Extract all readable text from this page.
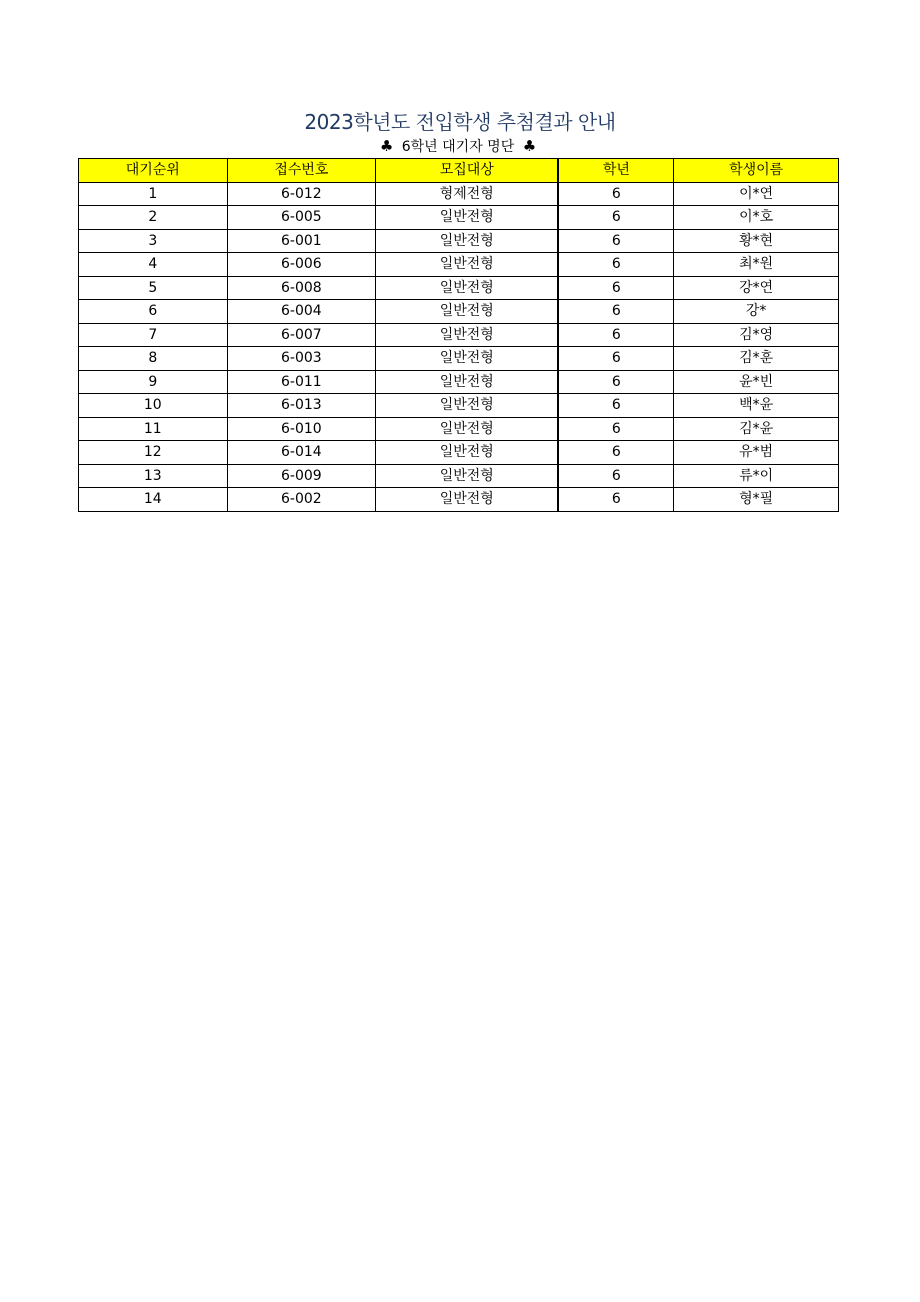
2023학년도 전입학생 추첨결과 안내
♣ 6학년 대기자 명단 ♣
대기순위	접수번호	모집대상	학년	학생이름
1	6-012	형제전형	6	이*연
2	6-005	일반전형	6	이*호
3	6-001	일반전형	6	황*현
4	6-006	일반전형	6	최*원
5	6-008	일반전형	6	강*연
6	6-004	일반전형	6	강*
7	6-007	일반전형	6	김*영
8	6-003	일반전형	6	김*훈
9	6-011	일반전형	6	윤*빈
10	6-013	일반전형	6	백*윤
11	6-010	일반전형	6	김*윤
12	6-014	일반전형	6	유*범
13	6-009	일반전형	6	류*이
14	6-002	일반전형	6	형*필
